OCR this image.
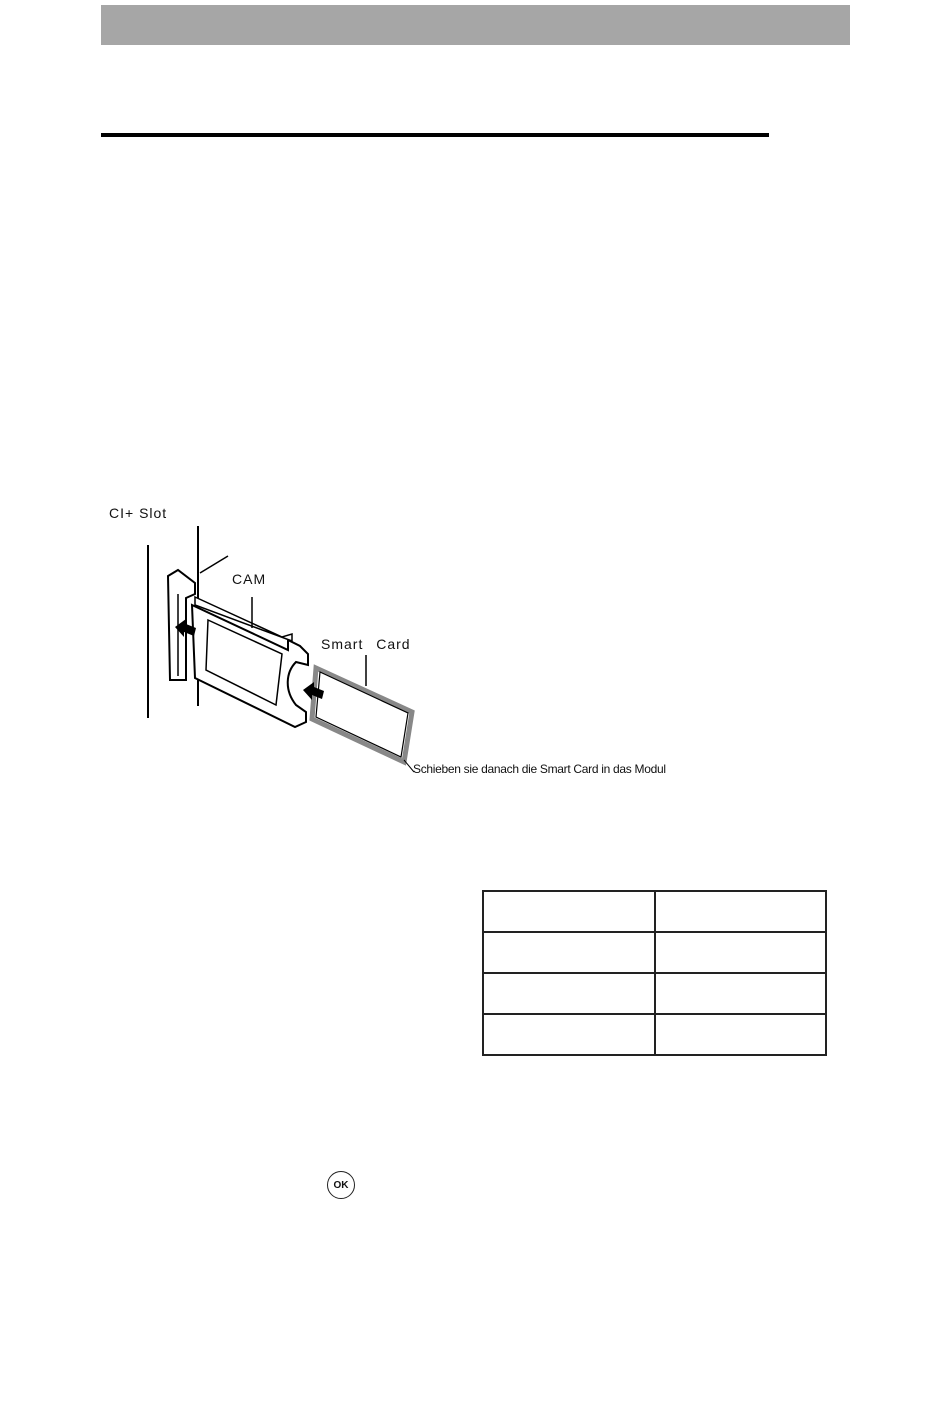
CI+ Slot
CAM
Smart Card
Schieben sie danach die Smart Card in das Modul

OK
